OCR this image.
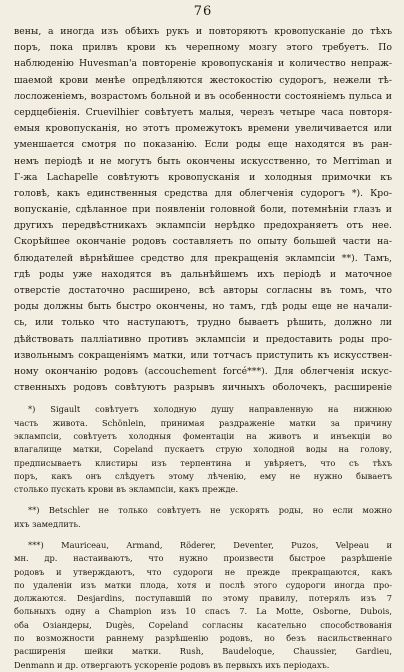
76
вены, а иногда изъ обѣихъ рукъ и повторяютъ кровопусканіе до тѣхъ
поръ, пока прилвъ крови къ черепному мозгу этого требуетъ. По
наблюденію Huvesman'а повтореніе кровопусканія и количество непраж-
шаемой крови менѣе опредѣляются жестокостію судорогъ, нежели тѣ-
лосложеніемъ, возрастомъ больной и въ особенности состояніемъ пульса и
сердцебіенія. Cruevilhier совѣтуетъ малыя, черезъ четыре часа повторя-
емыя кровопусканія, но этотъ промежутокъ времени увеличивается или
уменшается смотря по показанію. Если роды еще находятся въ ран-
немъ періодѣ и не могутъ быть окончены искусственно, то Merriman и
Г-жа Lachapelle совѣтуютъ кровопусканія и холодныя примочки къ
головѣ, какъ единственныя средства для облегченія судорогъ *). Кро-
вопусканіе, сдѣланное при появленіи головной боли, потемнѣніи глазъ и
другихъ передвѣстникахъ эклампсіи нерѣдко предохраняетъ отъ нее.
Скорѣйшее окончаніе родовъ составляетъ по опыту большей части на-
блюдателей вѣрнѣйшее средство для прекращенія эклампсіи **). Тамъ,
гдѣ роды уже находятся въ дальнѣйшемъ ихъ періодѣ и маточное
отверстіе достаточно расширено, всѣ авторы согласны въ томъ, что
роды должны быть быстро окончены, но тамъ, гдѣ роды еще не начали-
сь, или только что наступаютъ, трудно бываетъ рѣшить, должно ли
дѣйствовать палліативно противъ эклампсіи и предоставить роды про-
извольнымъ сокращеніямъ матки, или тотчасъ приступить къ искусствен-
ному окончанію родовъ (accouchement forcé***). Для облегченія искус-
ственныхъ родовъ совѣтуютъ разрывъ яичныхъ оболочекъ, расширеніе
*) Sigault совѣтуетъ холодную душу направленную на нижнюю
часть живота. Schönlein, принимая раздраженіе матки за причину
эклампсіи, совѣтуетъ холодныя фоментаціи на животъ и инъекціи во
влагалище матки, Copeland пускаетъ струю холодной воды на голову,
предписываетъ клистиры изъ терпентина и увѣряетъ, что съ тѣхъ
поръ, какъ онъ слѣдуетъ этому лѣченію, ему не нужно бываетъ
столько пускать крови въ эклампсіи, какъ прежде.
**) Betschler не только совѣтуетъ не ускорять роды, но если можно
ихъ замедлить.
***) Mauriceau, Armand, Röderer, Deventer, Puzos, Velpeau и
мн. др. настаиваютъ, что нужно произвести быстрое разрѣшеніе
родовъ и утверждаютъ, что судороги не прежде прекращаются, какъ
по удаленіи изъ матки плода, хотя и послѣ этого судороги иногда про-
должаются. Desjardins, поступавшій по этому правилу, потерялъ изъ 7
больныхъ одну а Champion изъ 10 спасъ 7. La Motte, Osborne, Dubois,
оба Озіандеры, Dugès, Copeland согласны касательно способствованія
по возможности раннему разрѣшенію родовъ, но безъ насильственнаго
расширенія шейки матки. Rush, Baudeloque, Chaussier, Gardieu,
Denmann и др. отвергаютъ ускореніе родовъ въ первыхъ ихъ періодахъ.
